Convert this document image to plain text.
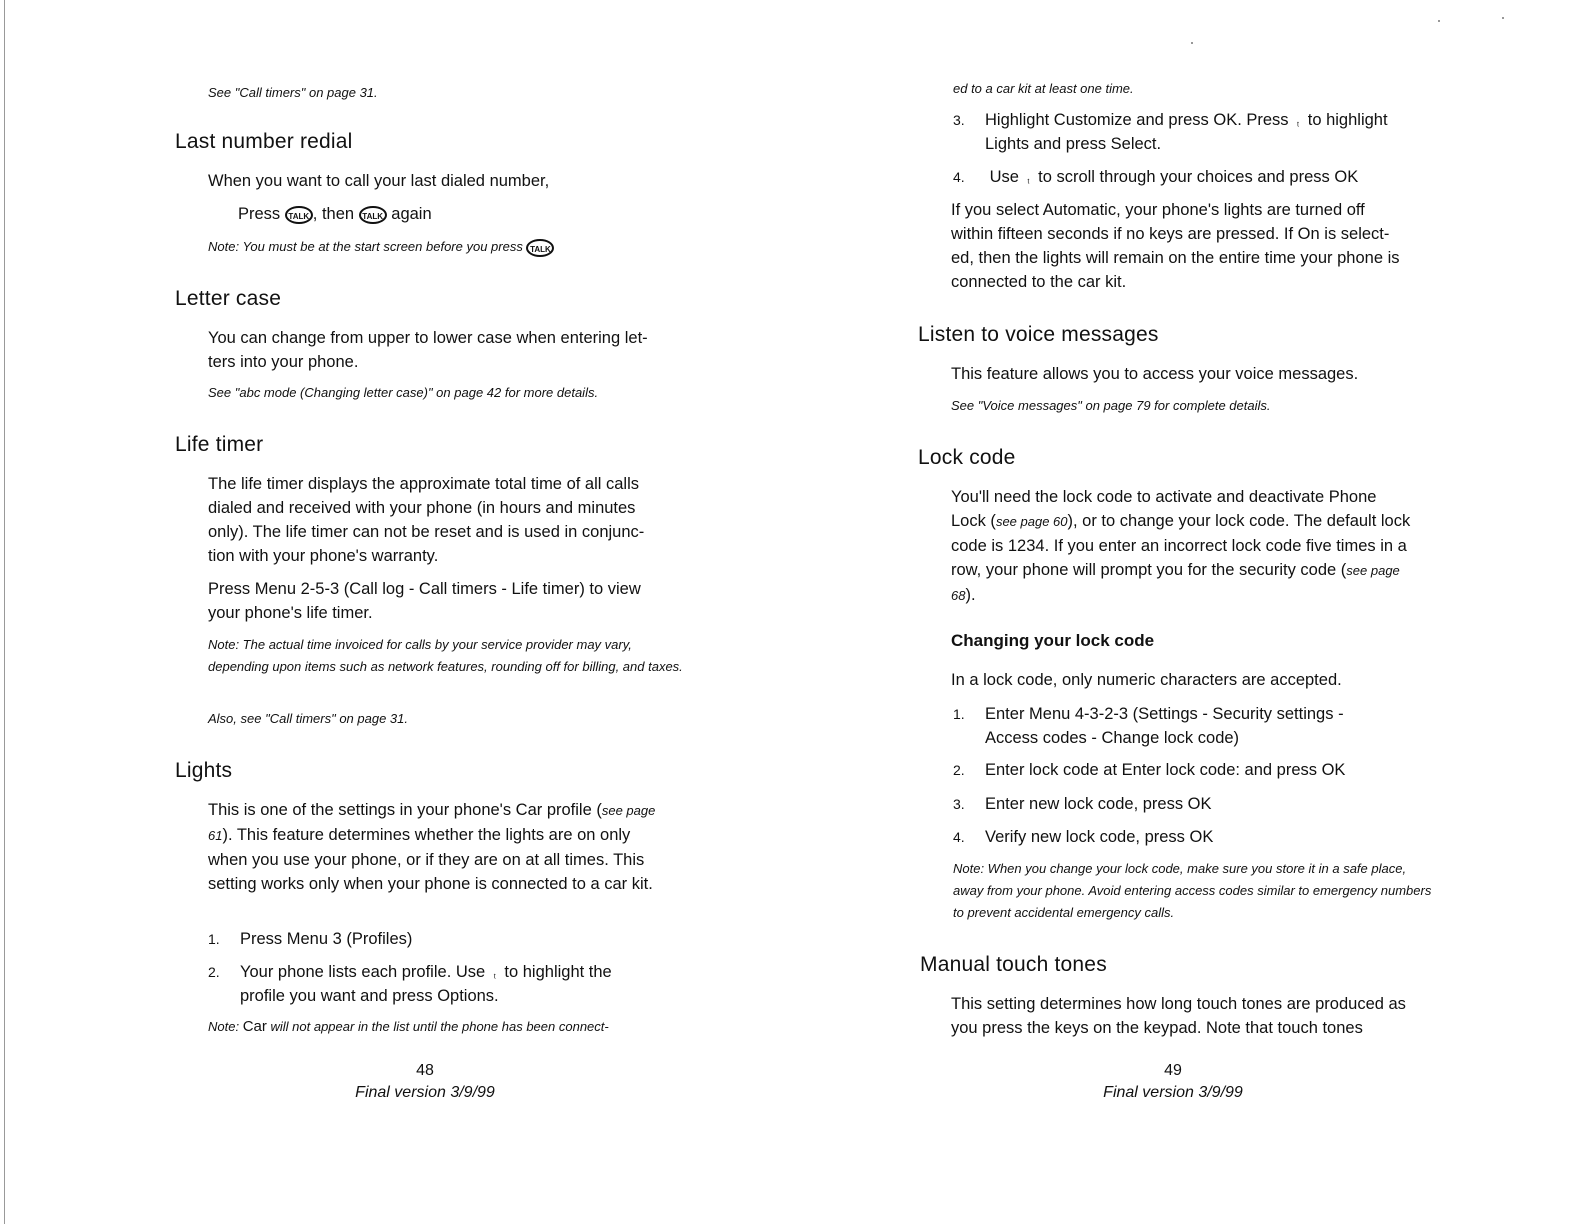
See "Call timers" on page 31.

Last number redial

When you want to call your last dialed number,

Press TALK , then TALK again

Note: You must be at the start screen before you press TALK

Letter case

You can change from upper to lower case when entering let- ters into your phone.

See "abc mode (Changing letter case)" on page 42 for more details.

Life timer

The life timer displays the approximate total time of all calls dialed and received with your phone (in hours and minutes only). The life timer can not be reset and is used in conjunc- tion with your phone's warranty.

Press Menu 2-5-3 (Call log - Call timers - Life timer) to view your phone's life timer.

Note: The actual time invoiced for calls by your service provider may vary, depending upon items such as network features, rounding off for billing, and taxes.

Also, see "Call timers" on page 31.

Lights

This is one of the settings in your phone's Car profile (see page 61). This feature determines whether the lights are on only when you use your phone, or if they are on at all times. This setting works only when your phone is connected to a car kit.

1. Press Menu 3 (Profiles)
2.	Your phone lists each profile. Use ᵗ to highlight the profile you want and press Options.

Note: Car will not appear in the list until the phone has been connect-

48
Final version 3/9/99

ed to a car kit at least one time.

3.	Highlight Customize and press OK. Press ᵗ to highlight Lights and press Select.
4. Use ᵗ to scroll through your choices and press OK

If you select Automatic, your phone's lights are turned off within fifteen seconds if no keys are pressed. If On is select- ed, then the lights will remain on the entire time your phone is connected to the car kit.

Listen to voice messages

This feature allows you to access your voice messages.

See "Voice messages" on page 79 for complete details.

Lock code

You'll need the lock code to activate and deactivate Phone Lock (see page 60), or to change your lock code. The default lock code is 1234. If you enter an incorrect lock code five times in a row, your phone will prompt you for the security code (see page 68).

Changing your lock code

In a lock code, only numeric characters are accepted.

1.	Enter Menu 4-3-2-3 (Settings - Security settings - Access codes - Change lock code)
2. Enter lock code at Enter lock code: and press OK
3. Enter new lock code, press OK
4. Verify new lock code, press OK

Note: When you change your lock code, make sure you store it in a safe place, away from your phone. Avoid entering access codes similar to emergency numbers to prevent accidental emergency calls.

Manual touch tones

This setting determines how long touch tones are produced as you press the keys on the keypad. Note that touch tones

49
Final version 3/9/99
